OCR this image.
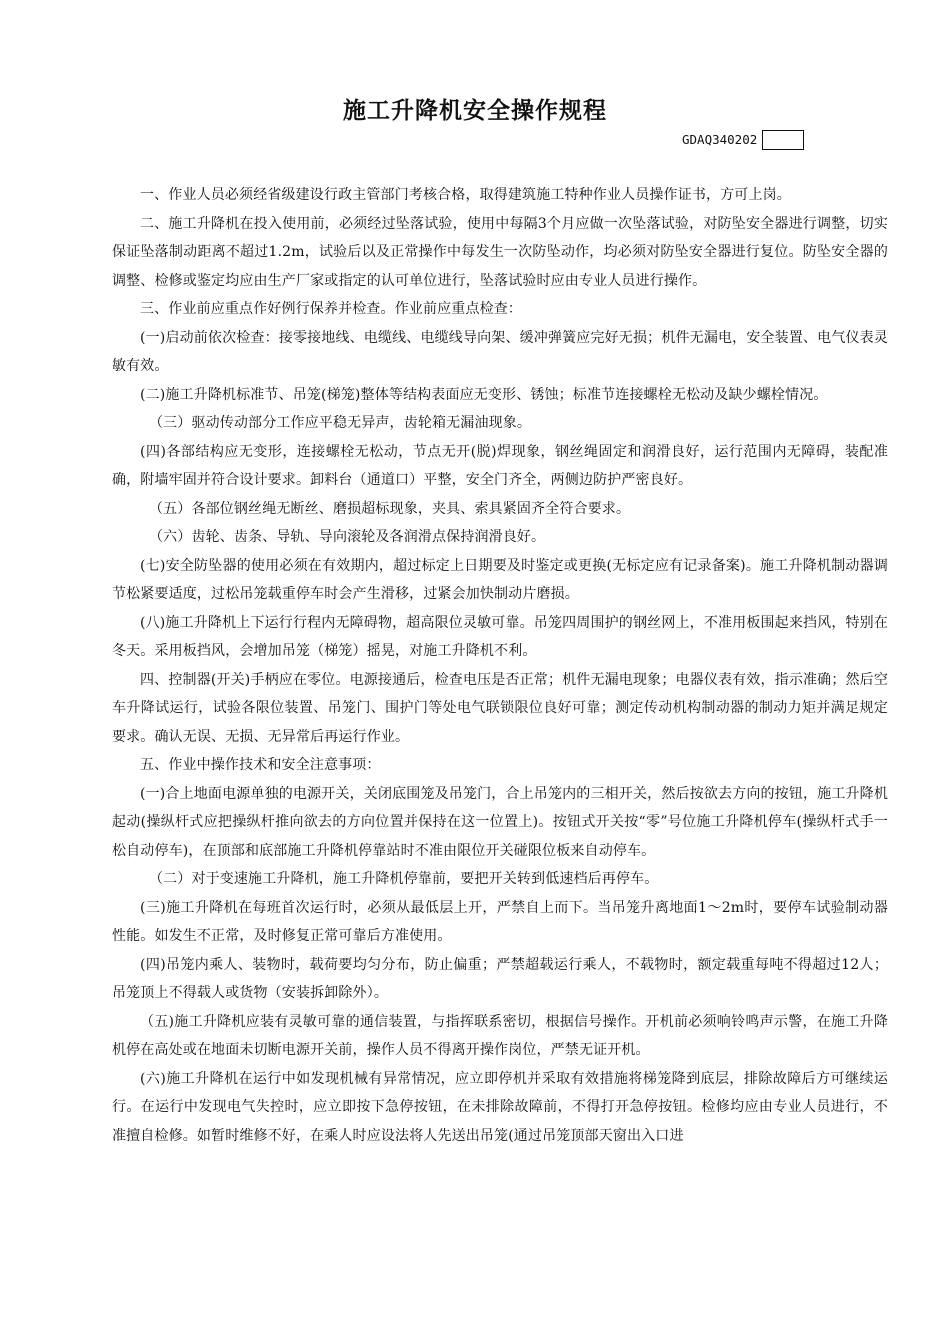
施工升降机安全操作规程
GDAQ340202

一、作业人员必须经省级建设行政主管部门考核合格，取得建筑施工特种作业人员操作证书，方可上岗。

二、施工升降机在投入使用前，必须经过坠落试验，使用中每隔3个月应做一次坠落试验，对防坠安全器进行调整，切实保证坠落制动距离不超过1.2m，试验后以及正常操作中每发生一次防坠动作，均必须对防坠安全器进行复位。防坠安全器的调整、检修或鉴定均应由生产厂家或指定的认可单位进行，坠落试验时应由专业人员进行操作。

三、作业前应重点作好例行保养并检查。作业前应重点检查：

(一)启动前依次检查：接零接地线、电缆线、电缆线导向架、缓冲弹簧应完好无损；机件无漏电，安全装置、电气仪表灵敏有效。

(二)施工升降机标准节、吊笼(梯笼)整体等结构表面应无变形、锈蚀；标准节连接螺栓无松动及缺少螺栓情况。

（三）驱动传动部分工作应平稳无异声，齿轮箱无漏油现象。

(四)各部结构应无变形，连接螺栓无松动，节点无开(脱)焊现象，钢丝绳固定和润滑良好，运行范围内无障碍，装配准确，附墙牢固并符合设计要求。卸料台（通道口）平整，安全门齐全，两侧边防护严密良好。

（五）各部位钢丝绳无断丝、磨损超标现象，夹具、索具紧固齐全符合要求。

（六）齿轮、齿条、导轨、导向滚轮及各润滑点保持润滑良好。

(七)安全防坠器的使用必须在有效期内，超过标定上日期要及时鉴定或更换(无标定应有记录备案)。施工升降机制动器调节松紧要适度，过松吊笼载重停车时会产生滑移，过紧会加快制动片磨损。

(八)施工升降机上下运行行程内无障碍物，超高限位灵敏可靠。吊笼四周围护的钢丝网上，不准用板围起来挡风，特别在冬天。采用板挡风，会增加吊笼（梯笼）摇晃，对施工升降机不利。

四、控制器(开关)手柄应在零位。电源接通后，检查电压是否正常；机件无漏电现象；电器仪表有效，指示准确；然后空车升降试运行，试验各限位装置、吊笼门、围护门等处电气联锁限位良好可靠；测定传动机构制动器的制动力矩并满足规定要求。确认无误、无损、无异常后再运行作业。

五、作业中操作技术和安全注意事项：

(一)合上地面电源单独的电源开关，关闭底围笼及吊笼门，合上吊笼内的三相开关，然后按欲去方向的按钮，施工升降机起动(操纵杆式应把操纵杆推向欲去的方向位置并保持在这一位置上)。按钮式开关按“零”号位施工升降机停车(操纵杆式手一松自动停车)，在顶部和底部施工升降机停靠站时不准由限位开关碰限位板来自动停车。

（二）对于变速施工升降机，施工升降机停靠前，要把开关转到低速档后再停车。

(三)施工升降机在每班首次运行时，必须从最低层上开，严禁自上而下。当吊笼升离地面1～2m时，要停车试验制动器性能。如发生不正常，及时修复正常可靠后方准使用。

(四)吊笼内乘人、装物时，载荷要均匀分布，防止偏重；严禁超载运行乘人，不载物时，额定载重每吨不得超过12人；吊笼顶上不得载人或货物（安装拆卸除外）。

（五)施工升降机应装有灵敏可靠的通信装置，与指挥联系密切，根据信号操作。开机前必须响铃鸣声示警，在施工升降机停在高处或在地面未切断电源开关前，操作人员不得离开操作岗位，严禁无证开机。

(六)施工升降机在运行中如发现机械有异常情况，应立即停机并采取有效措施将梯笼降到底层，排除故障后方可继续运行。在运行中发现电气失控时，应立即按下急停按钮，在未排除故障前，不得打开急停按钮。检修均应由专业人员进行，不准擅自检修。如暂时维修不好，在乘人时应设法将人先送出吊笼(通过吊笼顶部天窗出入口进
